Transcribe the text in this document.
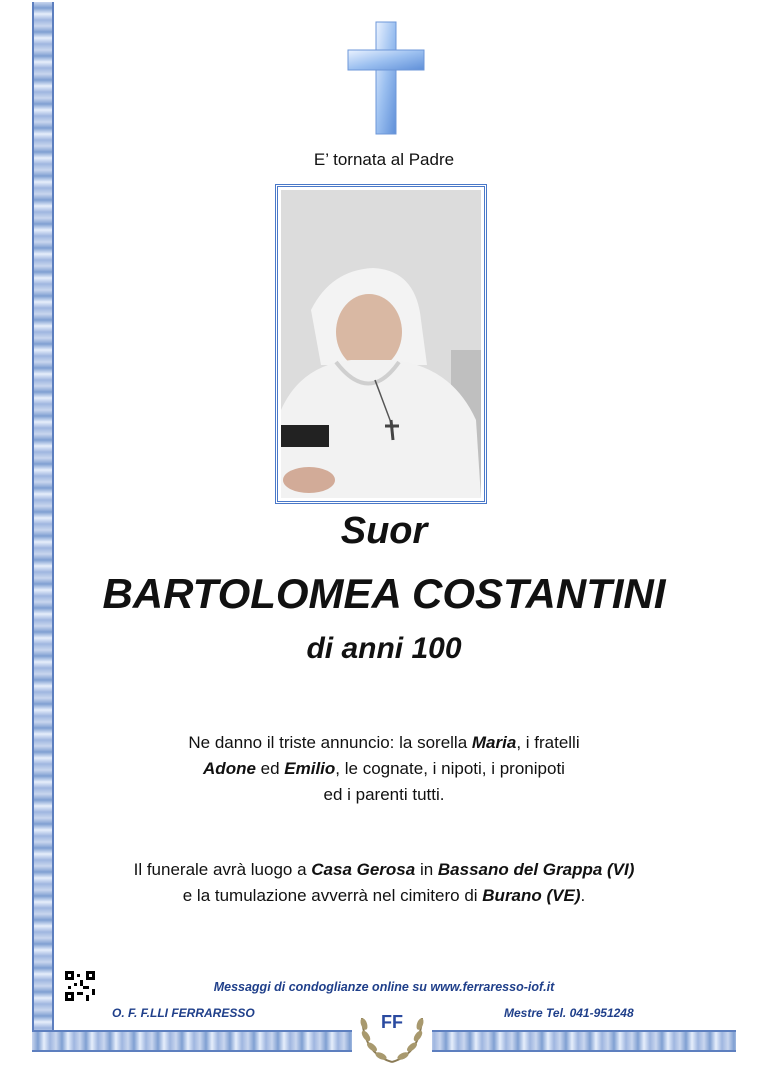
E’ tornata al Padre
Suor
BARTOLOMEA COSTANTINI
di anni 100
Ne danno il triste annuncio: la sorella Maria, i fratelli
Adone ed Emilio, le cognate, i nipoti, i pronipoti
ed i parenti tutti.
Il funerale avrà luogo a Casa Gerosa in Bassano del Grappa (VI)
e la tumulazione avverrà nel cimitero di Burano (VE).
Messaggi di condoglianze online su www.ferraresso-iof.it
O. F. F.LLI FERRARESSO	Mestre Tel. 041-951248
FF
